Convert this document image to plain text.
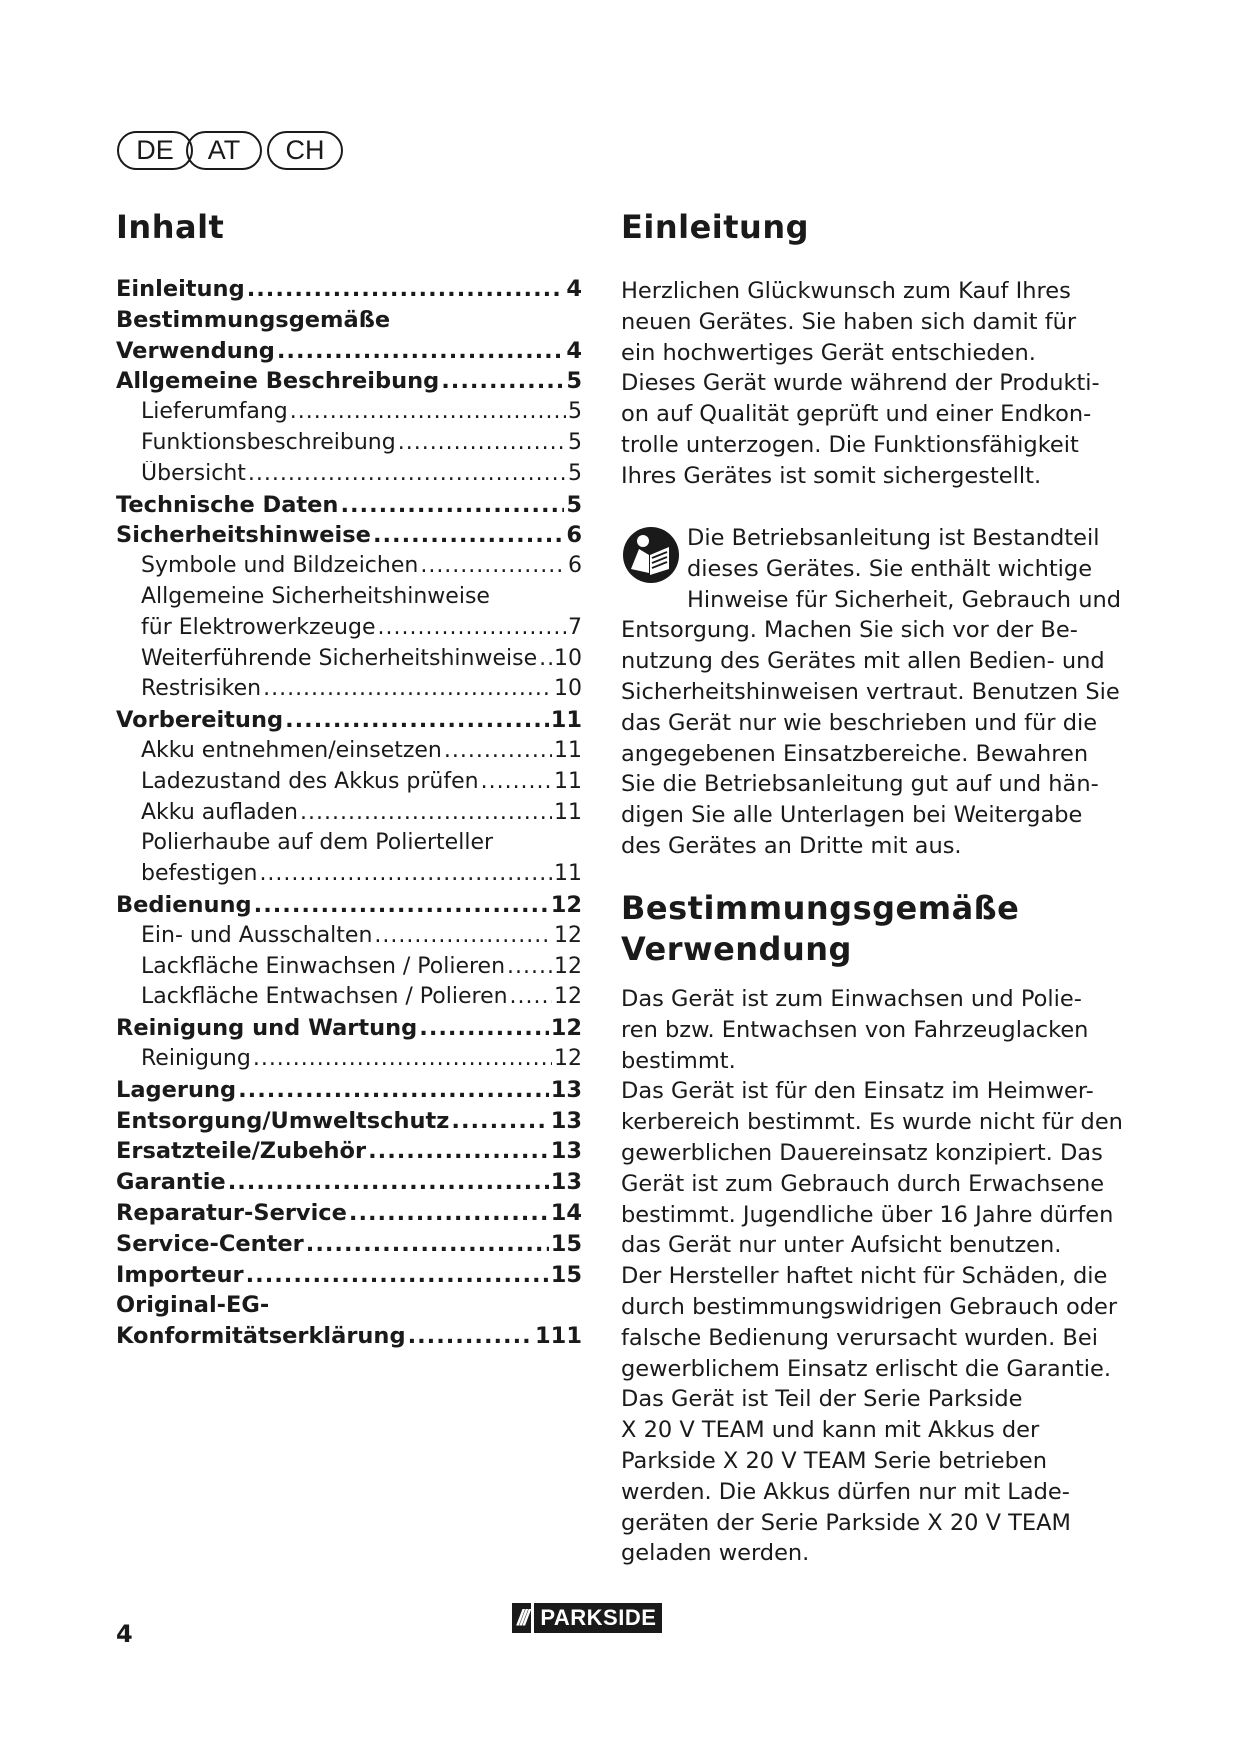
DE	AT	CH
Inhalt
Einleitung .....	4
Bestimmungsgemäße
Verwendung .....	4
Allgemeine Beschreibung .....	5
Lieferumfang .....	5
Funktionsbeschreibung .....	5
Übersicht .....	5
Technische Daten .....	5
Sicherheitshinweise .....	6
Symbole und Bildzeichen .....	6
Allgemeine Sicherheitshinweise
für Elektrowerkzeuge .....	7
Weiterführende Sicherheitshinweise ..... 10
Restrisiken .....	10
Vorbereitung .....	11
Akku entnehmen/einsetzen .....	11
Ladezustand des Akkus prüfen .....	11
Akku aufladen .....	11
Polierhaube auf dem Polierteller
befestigen .....	11
Bedienung .....	12
Ein- und Ausschalten .....	12
Lackfläche Einwachsen / Polieren ..... 12
Lackfläche Entwachsen / Polieren ..... 12
Reinigung und Wartung .....	12
Reinigung .....	12
Lagerung .....	13
Entsorgung/Umweltschutz .....	13
Ersatzteile/Zubehör .....	13
Garantie .....	13
Reparatur-Service .....	14
Service-Center .....	15
Importeur .....	15
Original-EG-
Konformitätserklärung .....	111
Einleitung

Herzlichen Glückwunsch zum Kauf Ihres
neuen Gerätes. Sie haben sich damit für
ein hochwertiges Gerät entschieden.
Dieses Gerät wurde während der Produkti-
on auf Qualität geprüft und einer Endkon-
trolle unterzogen. Die Funktionsfähigkeit
Ihres Gerätes ist somit sichergestellt.

Die Betriebsanleitung ist Bestandteil
dieses Gerätes. Sie enthält wichtige
Hinweise für Sicherheit, Gebrauch und
Entsorgung. Machen Sie sich vor der Be-
nutzung des Gerätes mit allen Bedien- und
Sicherheitshinweisen vertraut. Benutzen Sie
das Gerät nur wie beschrieben und für die
angegebenen Einsatzbereiche. Bewahren
Sie die Betriebsanleitung gut auf und hän-
digen Sie alle Unterlagen bei Weitergabe
des Gerätes an Dritte mit aus.

Bestimmungsgemäße
Verwendung

Das Gerät ist zum Einwachsen und Polie-
ren bzw. Entwachsen von Fahrzeuglacken
bestimmt.
Das Gerät ist für den Einsatz im Heimwer-
kerbereich bestimmt. Es wurde nicht für den
gewerblichen Dauereinsatz konzipiert. Das
Gerät ist zum Gebrauch durch Erwachsene
bestimmt. Jugendliche über 16 Jahre dürfen
das Gerät nur unter Aufsicht benutzen.
Der Hersteller haftet nicht für Schäden, die
durch bestimmungswidrigen Gebrauch oder
falsche Bedienung verursacht wurden. Bei
gewerblichem Einsatz erlischt die Garantie.
Das Gerät ist Teil der Serie Parkside
X 20 V TEAM und kann mit Akkus der
Parkside X 20 V TEAM Serie betrieben
werden. Die Akkus dürfen nur mit Lade-
geräten der Serie Parkside X 20 V TEAM
geladen werden.

4
/// PARKSIDE
